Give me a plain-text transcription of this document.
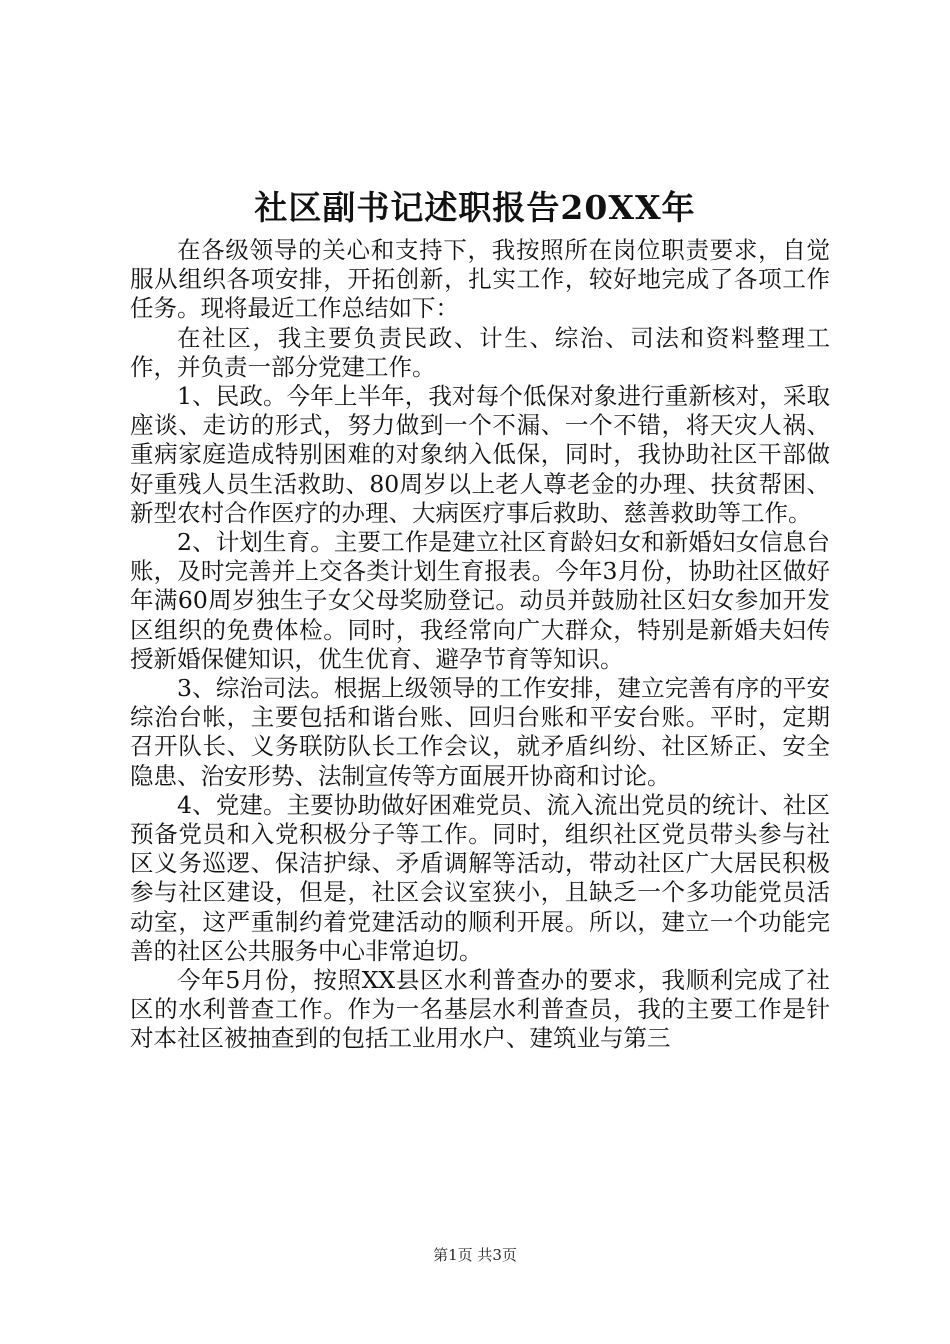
社区副书记述职报告20XX年

在各级领导的关心和支持下，我按照所在岗位职责要求，自觉服从组织各项安排，开拓创新，扎实工作，较好地完成了各项工作任务。现将最近工作总结如下：

在社区，我主要负责民政、计生、综治、司法和资料整理工作，并负责一部分党建工作。

1、民政。今年上半年，我对每个低保对象进行重新核对，采取座谈、走访的形式，努力做到一个不漏、一个不错，将天灾人祸、重病家庭造成特别困难的对象纳入低保，同时，我协助社区干部做好重残人员生活救助、80周岁以上老人尊老金的办理、扶贫帮困、新型农村合作医疗的办理、大病医疗事后救助、慈善救助等工作。

2、计划生育。主要工作是建立社区育龄妇女和新婚妇女信息台账，及时完善并上交各类计划生育报表。今年3月份，协助社区做好年满60周岁独生子女父母奖励登记。动员并鼓励社区妇女参加开发区组织的免费体检。同时，我经常向广大群众，特别是新婚夫妇传授新婚保健知识，优生优育、避孕节育等知识。

3、综治司法。根据上级领导的工作安排，建立完善有序的平安综治台帐，主要包括和谐台账、回归台账和平安台账。平时，定期召开队长、义务联防队长工作会议，就矛盾纠纷、社区矫正、安全隐患、治安形势、法制宣传等方面展开协商和讨论。

4、党建。主要协助做好困难党员、流入流出党员的统计、社区预备党员和入党积极分子等工作。同时，组织社区党员带头参与社区义务巡逻、保洁护绿、矛盾调解等活动，带动社区广大居民积极参与社区建设，但是，社区会议室狭小，且缺乏一个多功能党员活动室，这严重制约着党建活动的顺利开展。所以，建立一个功能完善的社区公共服务中心非常迫切。

今年5月份，按照XX县区水利普查办的要求，我顺利完成了社区的水利普查工作。作为一名基层水利普查员，我的主要工作是针对本社区被抽查到的包括工业用水户、建筑业与第三

第1页 共3页
